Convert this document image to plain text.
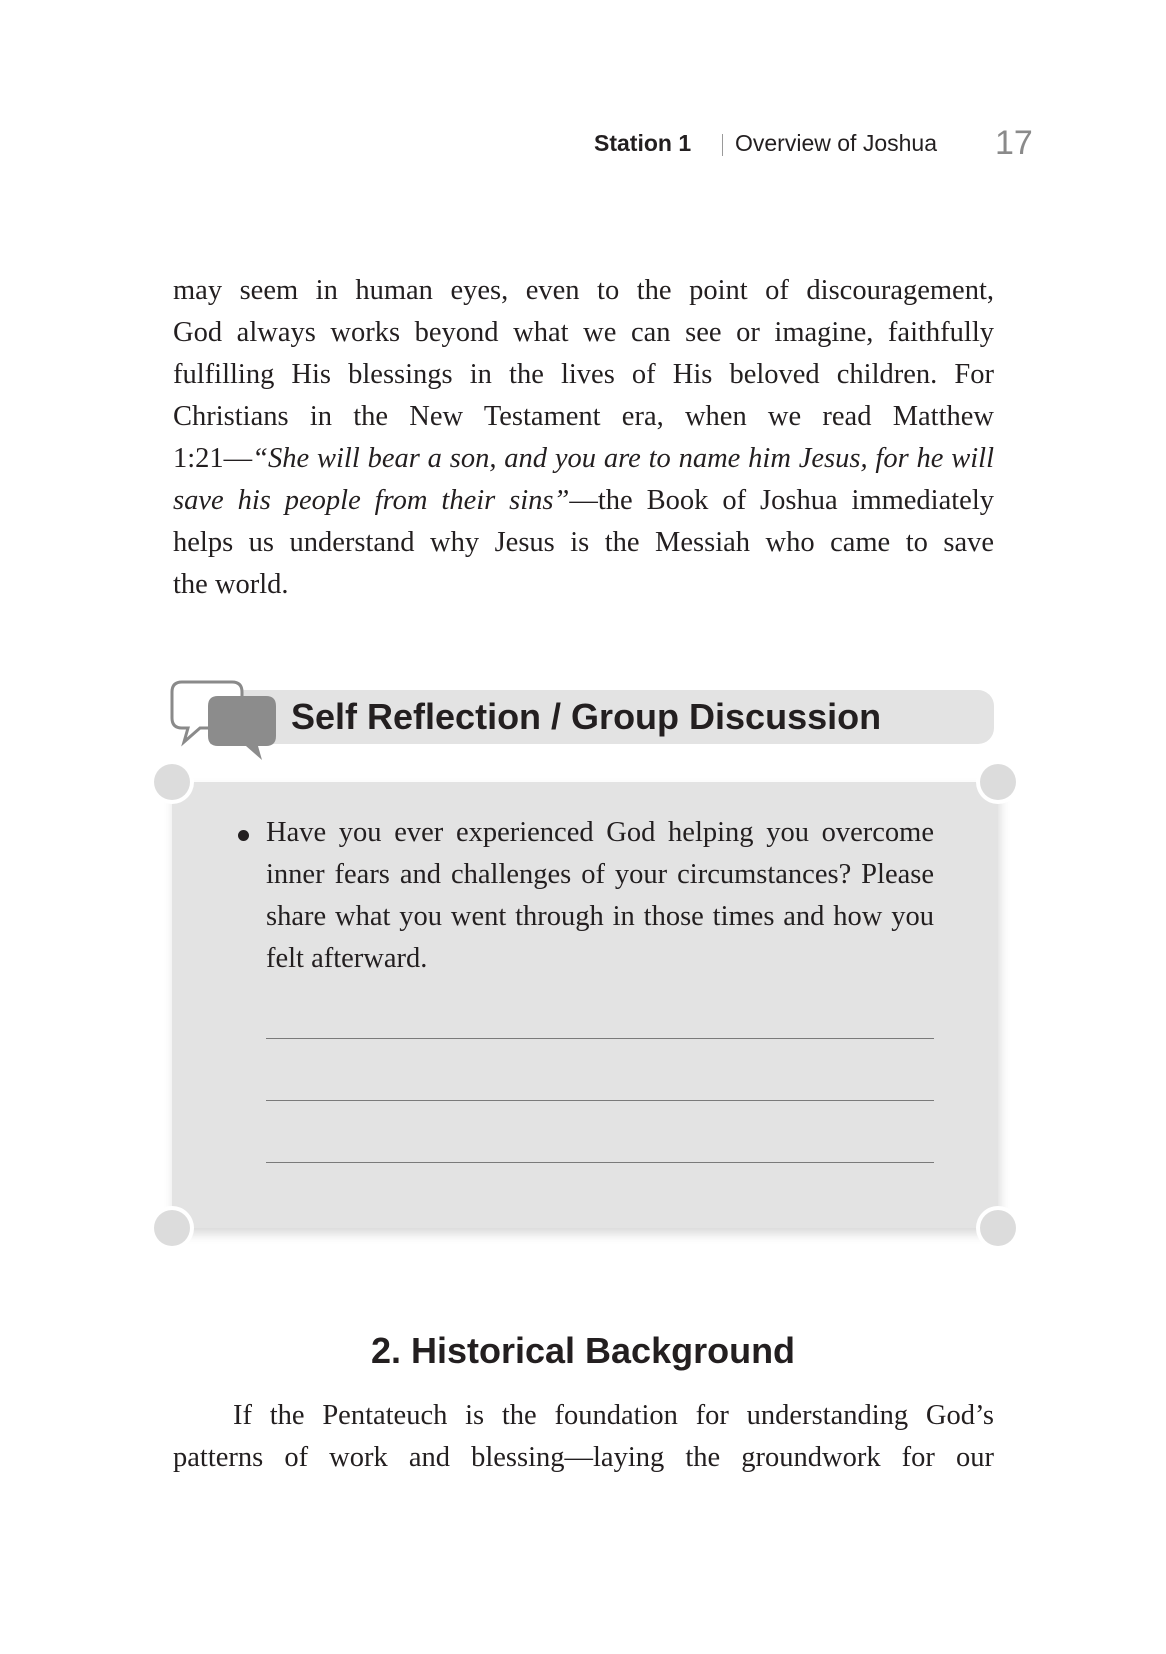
Station 1 Overview of Joshua 17

may seem in human eyes, even to the point of discouragement,

God always works beyond what we can see or imagine, faithfully

fulfilling His blessings in the lives of His beloved children. For

Christians in the New Testament era, when we read Matthew

1:21—“She will bear a son, and you are to name him Jesus, for he will

save his people from their sins”—the Book of Joshua immediately

helps us understand why Jesus is the Messiah who came to save

the world.

Self Reflection / Group Discussion
Have you ever experienced God helping you overcome inner fears and challenges of your circumstances? Please share what you went through in those times and how you felt afterward.
2. Historical Background

If the Pentateuch is the foundation for understanding God’s

patterns of work and blessing—laying the groundwork for our
